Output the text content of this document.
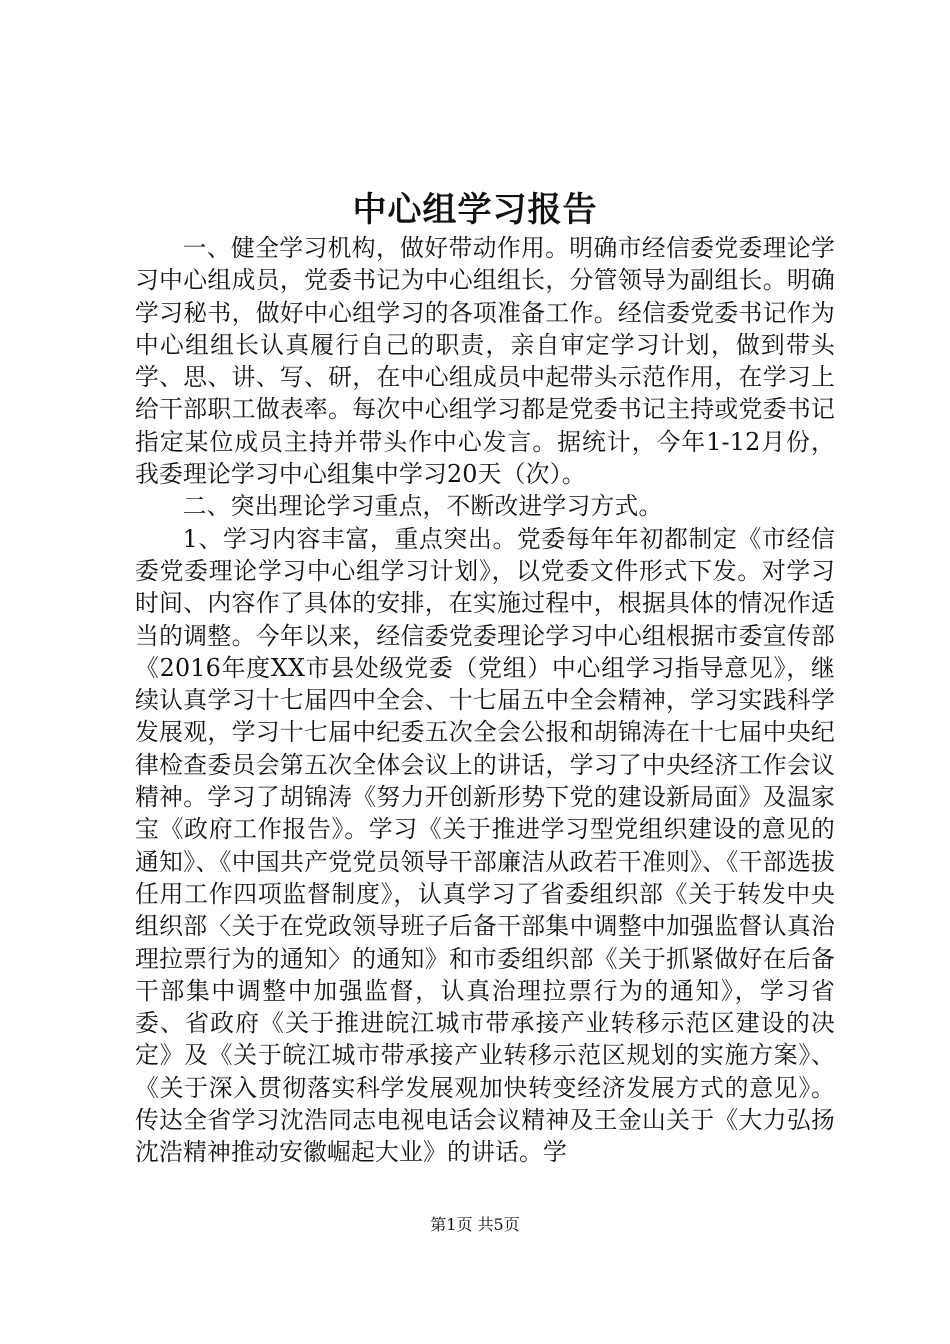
中心组学习报告

一、健全学习机构，做好带动作用。明确市经信委党委理论学习中心组成员，党委书记为中心组组长，分管领导为副组长。明确学习秘书，做好中心组学习的各项准备工作。经信委党委书记作为中心组组长认真履行自己的职责，亲自审定学习计划，做到带头学、思、讲、写、研，在中心组成员中起带头示范作用，在学习上给干部职工做表率。每次中心组学习都是党委书记主持或党委书记指定某位成员主持并带头作中心发言。据统计，今年1-12月份，我委理论学习中心组集中学习20天（次）。

二、突出理论学习重点，不断改进学习方式。

1、学习内容丰富，重点突出。党委每年年初都制定《市经信委党委理论学习中心组学习计划》，以党委文件形式下发。对学习时间、内容作了具体的安排，在实施过程中，根据具体的情况作适当的调整。今年以来，经信委党委理论学习中心组根据市委宣传部《2016年度XX市县处级党委（党组）中心组学习指导意见》，继续认真学习十七届四中全会、十七届五中全会精神，学习实践科学发展观，学习十七届中纪委五次全会公报和胡锦涛在十七届中央纪律检查委员会第五次全体会议上的讲话，学习了中央经济工作会议精神。学习了胡锦涛《努力开创新形势下党的建设新局面》及温家宝《政府工作报告》。学习《关于推进学习型党组织建设的意见的通知》、《中国共产党党员领导干部廉洁从政若干准则》、《干部选拔任用工作四项监督制度》，认真学习了省委组织部《关于转发中央组织部〈关于在党政领导班子后备干部集中调整中加强监督认真治理拉票行为的通知〉的通知》和市委组织部《关于抓紧做好在后备干部集中调整中加强监督，认真治理拉票行为的通知》，学习省委、省政府《关于推进皖江城市带承接产业转移示范区建设的决定》及《关于皖江城市带承接产业转移示范区规划的实施方案》、《关于深入贯彻落实科学发展观加快转变经济发展方式的意见》。传达全省学习沈浩同志电视电话会议精神及王金山关于《大力弘扬沈浩精神推动安徽崛起大业》的讲话。学

第1页 共5页
